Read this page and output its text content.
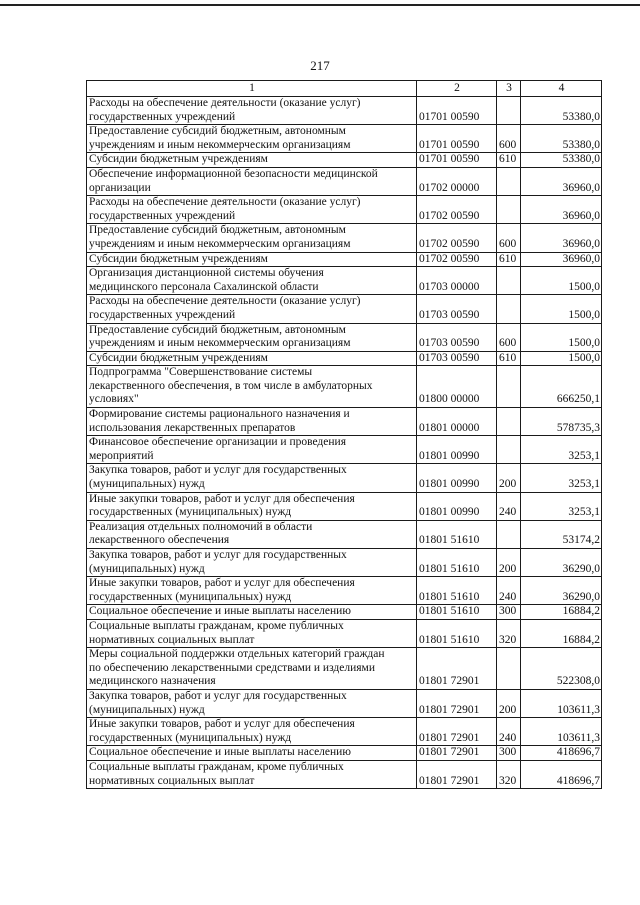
217
1	2	3	4
Расходы на обеспечение деятельности (оказание услуг)
государственных учреждений	01701 00590		53380,0
Предоставление субсидий бюджетным, автономным
учреждениям и иным некоммерческим организациям	01701 00590	600	53380,0
Субсидии бюджетным учреждениям	01701 00590	610	53380,0
Обеспечение информационной безопасности медицинской
организации	01702 00000		36960,0
Расходы на обеспечение деятельности (оказание услуг)
государственных учреждений	01702 00590		36960,0
Предоставление субсидий бюджетным, автономным
учреждениям и иным некоммерческим организациям	01702 00590	600	36960,0
Субсидии бюджетным учреждениям	01702 00590	610	36960,0
Организация дистанционной системы обучения
медицинского персонала Сахалинской области	01703 00000		1500,0
Расходы на обеспечение деятельности (оказание услуг)
государственных учреждений	01703 00590		1500,0
Предоставление субсидий бюджетным, автономным
учреждениям и иным некоммерческим организациям	01703 00590	600	1500,0
Субсидии бюджетным учреждениям	01703 00590	610	1500,0
Подпрограмма "Совершенствование системы
лекарственного обеспечения, в том числе в амбулаторных
условиях"	01800 00000		666250,1
Формирование системы рационального назначения и
использования лекарственных препаратов	01801 00000		578735,3
Финансовое обеспечение организации и проведения
мероприятий	01801 00990		3253,1
Закупка товаров, работ и услуг для государственных
(муниципальных) нужд	01801 00990	200	3253,1
Иные закупки товаров, работ и услуг для обеспечения
государственных (муниципальных) нужд	01801 00990	240	3253,1
Реализация отдельных полномочий в области
лекарственного обеспечения	01801 51610		53174,2
Закупка товаров, работ и услуг для государственных
(муниципальных) нужд	01801 51610	200	36290,0
Иные закупки товаров, работ и услуг для обеспечения
государственных (муниципальных) нужд	01801 51610	240	36290,0
Социальное обеспечение и иные выплаты населению	01801 51610	300	16884,2
Социальные выплаты гражданам, кроме публичных
нормативных социальных выплат	01801 51610	320	16884,2
Меры социальной поддержки отдельных категорий граждан
по обеспечению лекарственными средствами и изделиями
медицинского назначения	01801 72901		522308,0
Закупка товаров, работ и услуг для государственных
(муниципальных) нужд	01801 72901	200	103611,3
Иные закупки товаров, работ и услуг для обеспечения
государственных (муниципальных) нужд	01801 72901	240	103611,3
Социальное обеспечение и иные выплаты населению	01801 72901	300	418696,7
Социальные выплаты гражданам, кроме публичных
нормативных социальных выплат	01801 72901	320	418696,7
